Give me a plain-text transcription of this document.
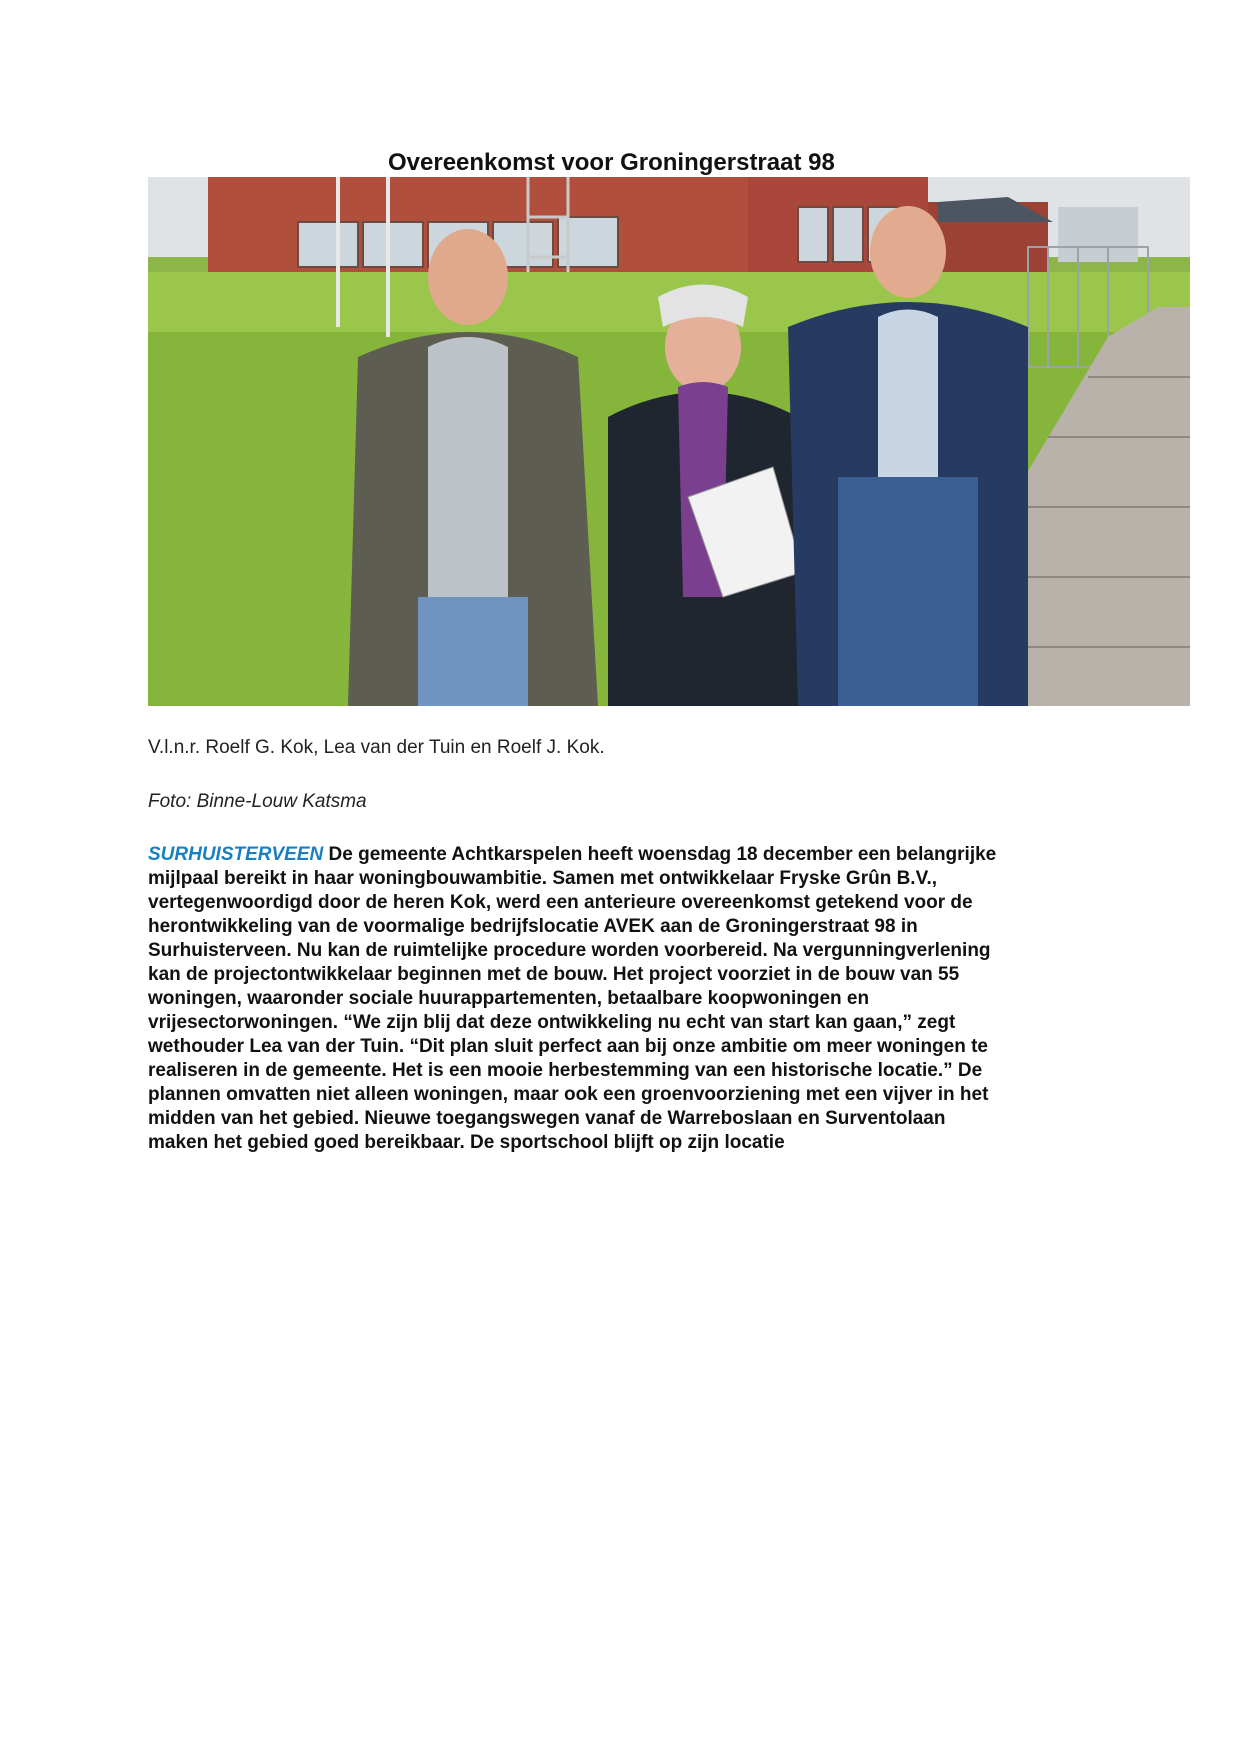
Overeenkomst voor Groningerstraat 98
V.l.n.r. Roelf G. Kok, Lea van der Tuin en Roelf J. Kok.
Foto: Binne-Louw Katsma
SURHUISTERVEEN De gemeente Achtkarspelen heeft woensdag 18 december een belangrijke
mijlpaal bereikt in haar woningbouwambitie. Samen met ontwikkelaar Fryske Grûn B.V.,
vertegenwoordigd door de heren Kok, werd een anterieure overeenkomst getekend voor de
herontwikkeling van de voormalige bedrijfslocatie AVEK aan de Groningerstraat 98 in
Surhuisterveen. Nu kan de ruimtelijke procedure worden voorbereid. Na vergunningverlening
kan de projectontwikkelaar beginnen met de bouw. Het project voorziet in de bouw van 55
woningen, waaronder sociale huurappartementen, betaalbare koopwoningen en
vrijesectorwoningen. “We zijn blij dat deze ontwikkeling nu echt van start kan gaan,” zegt
wethouder Lea van der Tuin. “Dit plan sluit perfect aan bij onze ambitie om meer woningen te
realiseren in de gemeente. Het is een mooie herbestemming van een historische locatie.” De
plannen omvatten niet alleen woningen, maar ook een groenvoorziening met een vijver in het
midden van het gebied. Nieuwe toegangswegen vanaf de Warreboslaan en Surventolaan
maken het gebied goed bereikbaar. De sportschool blijft op zijn locatie
